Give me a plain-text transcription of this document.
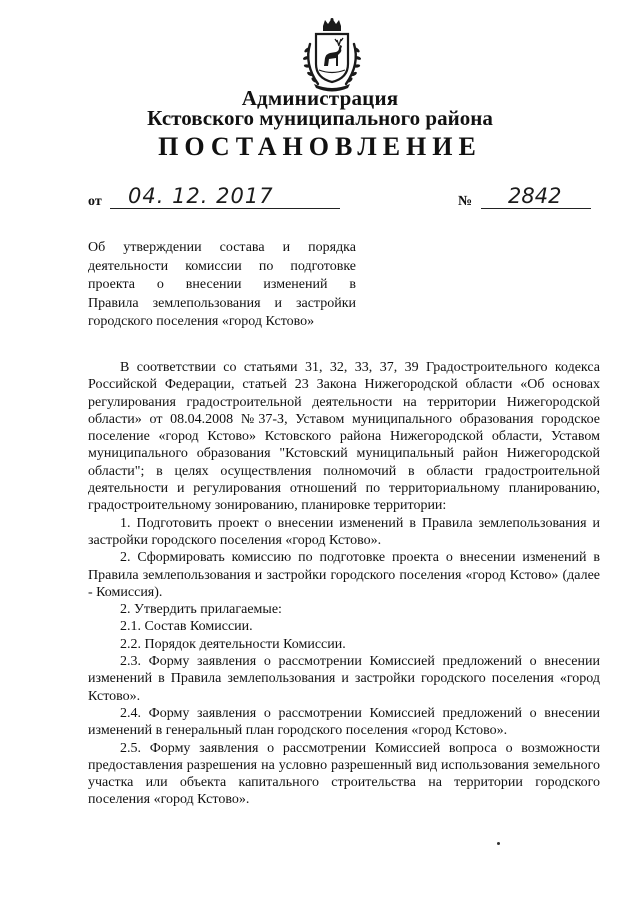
Администрация
Кстовского муниципального района
ПОСТАНОВЛЕНИЕ
от 04. 12. 2017	№ 2842
Об утверждении состава и порядка
деятельности комиссии по подготовке
проекта о внесении изменений в
Правила землепользования и застройки
городского поселения «город Кстово»

В соответствии со статьями 31, 32, 33, 37, 39 Градостроительного кодекса Российской Федерации, статьей 23 Закона Нижегородской области «Об основах регулирования градостроительной деятельности на территории Нижегородской области» от 08.04.2008 №37-З, Уставом муниципального образования городское поселение «город Кстово» Кстовского района Нижегородской области, Уставом муниципального образования "Кстовский муниципальный район Нижегородской области"; в целях осуществления полномочий в области градостроительной деятельности и регулирования отношений по территориальному планированию, градостроительному зонированию, планировке территории:

1. Подготовить проект о внесении изменений в Правила землепользования и застройки городского поселения «город Кстово».

2. Сформировать комиссию по подготовке проекта о внесении изменений в Правила землепользования и застройки городского поселения «город Кстово» (далее - Комиссия).

2. Утвердить прилагаемые:

2.1. Состав Комиссии.

2.2. Порядок деятельности Комиссии.

2.3. Форму заявления о рассмотрении Комиссией предложений о внесении изменений в Правила землепользования и застройки городского поселения «город Кстово».

2.4. Форму заявления о рассмотрении Комиссией предложений о внесении изменений в генеральный план городского поселения «город Кстово».

2.5. Форму заявления о рассмотрении Комиссией вопроса о возможности предоставления разрешения на условно разрешенный вид использования земельного участка или объекта капитального строительства на территории городского поселения «город Кстово».
